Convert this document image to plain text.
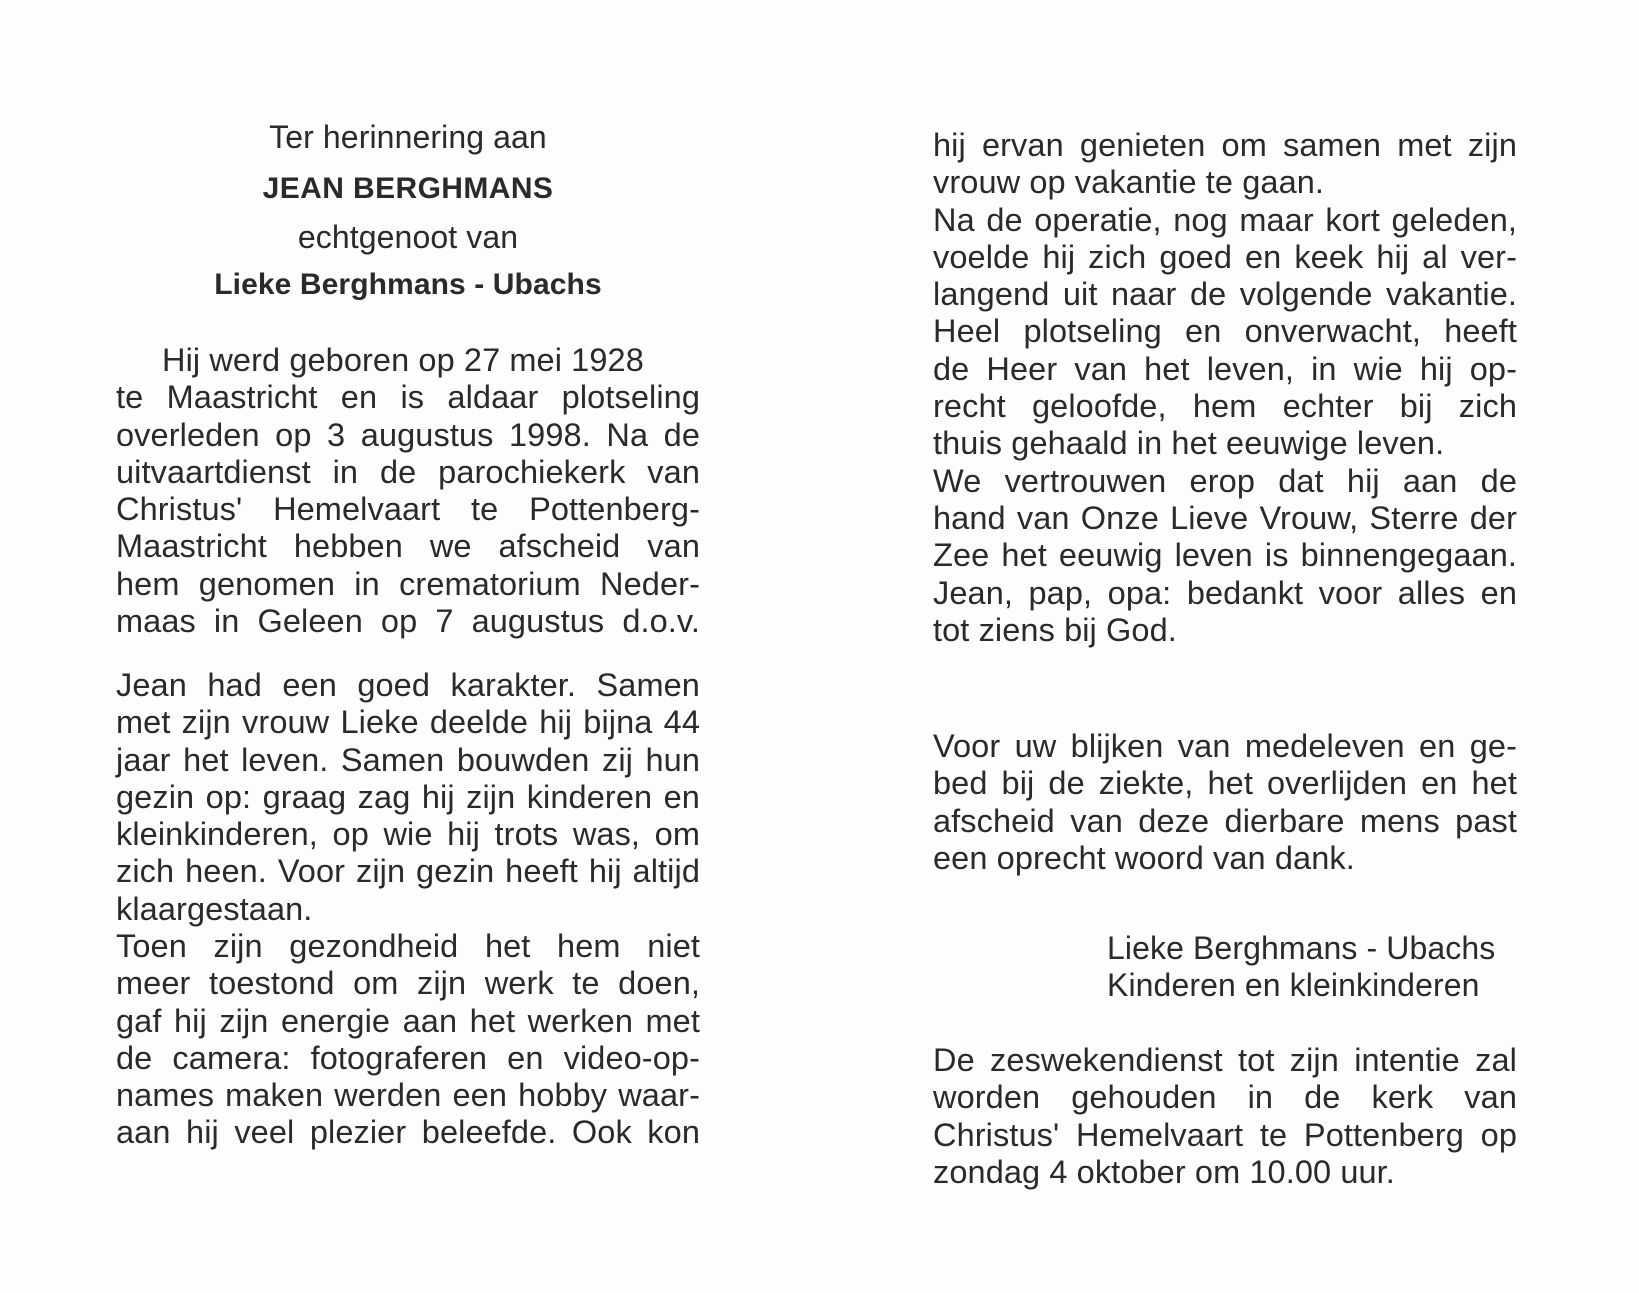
Ter herinnering aan
JEAN BERGHMANS
echtgenoot van
Lieke Berghmans - Ubachs
Hij werd geboren op 27 mei 1928
te Maastricht en is aldaar plotseling
overleden op 3 augustus 1998. Na de
uitvaartdienst in de parochiekerk van
Christus' Hemelvaart te Pottenberg-
Maastricht hebben we afscheid van
hem genomen in crematorium Neder-
maas in Geleen op 7 augustus d.o.v.
Jean had een goed karakter. Samen
met zijn vrouw Lieke deelde hij bijna 44
jaar het leven. Samen bouwden zij hun
gezin op: graag zag hij zijn kinderen en
kleinkinderen, op wie hij trots was, om
zich heen. Voor zijn gezin heeft hij altijd
klaargestaan.
Toen zijn gezondheid het hem niet
meer toestond om zijn werk te doen,
gaf hij zijn energie aan het werken met
de camera: fotograferen en video-op-
names maken werden een hobby waar-
aan hij veel plezier beleefde. Ook kon
hij ervan genieten om samen met zijn
vrouw op vakantie te gaan.
Na de operatie, nog maar kort geleden,
voelde hij zich goed en keek hij al ver-
langend uit naar de volgende vakantie.
Heel plotseling en onverwacht, heeft
de Heer van het leven, in wie hij op-
recht geloofde, hem echter bij zich
thuis gehaald in het eeuwige leven.
We vertrouwen erop dat hij aan de
hand van Onze Lieve Vrouw, Sterre der
Zee het eeuwig leven is binnengegaan.
Jean, pap, opa: bedankt voor alles en
tot ziens bij God.
Voor uw blijken van medeleven en ge-
bed bij de ziekte, het overlijden en het
afscheid van deze dierbare mens past
een oprecht woord van dank.
Lieke Berghmans - Ubachs
Kinderen en kleinkinderen
De zeswekendienst tot zijn intentie zal
worden gehouden in de kerk van
Christus' Hemelvaart te Pottenberg op
zondag 4 oktober om 10.00 uur.
